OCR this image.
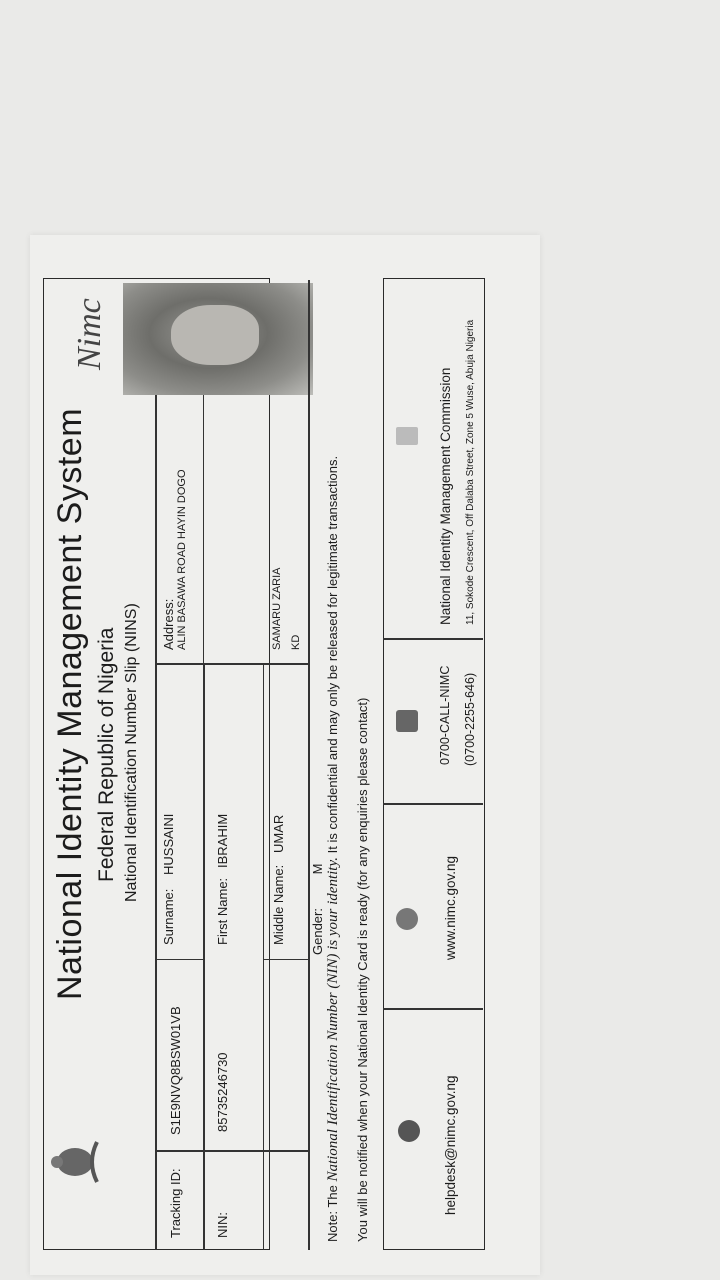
National Identity Management System Federal Republic of Nigeria National Identification Number Slip (NINS)
Nimc
Tracking ID:
S1E9NVQ8BSW01VB
NIN:
85735246730
Surname:
HUSSAINI
First Name:
IBRAHIM
Middle Name:
UMAR
Address: ALIN BASAWA ROAD HAYIN DOGO	SAMARU ZARIA KD
Note: The National Identification Number (NIN) is your identity. It is confidential and may only be released for legitimate transactions.
You will be notified when your National Identity Card is ready (for any enquiries please contact)	helpdesk@nimc.gov.ng
www.nimc.gov.ng
0700-CALL-NIMC (0700-2255-646)
National Identity Management Commission 11, Sokode Crescent, Off Dalaba Street, Zone 5 Wuse, Abuja Nigeria
Gender: M
